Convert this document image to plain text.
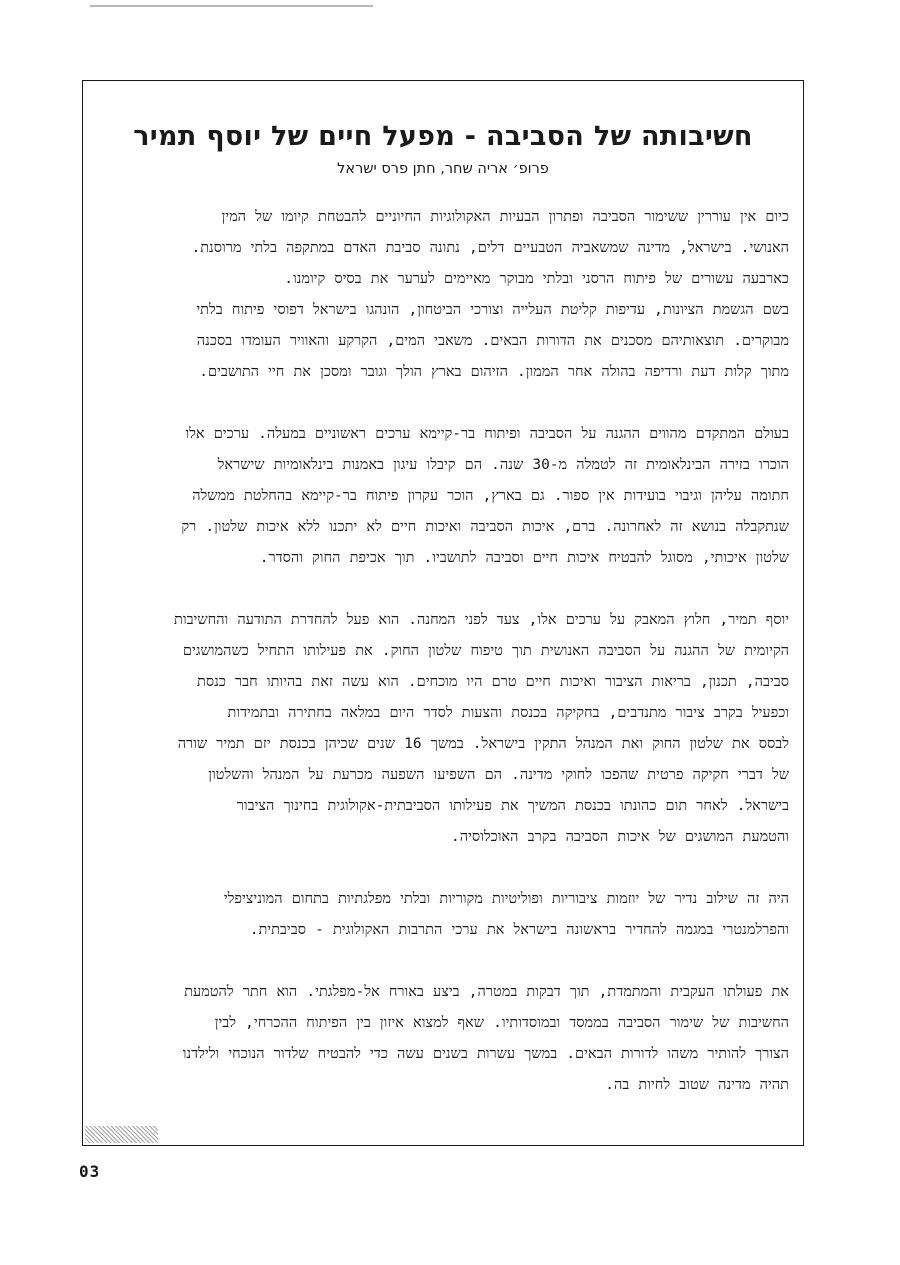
חשיבותה של הסביבה - מפעל חיים של יוסף תמיר
פרופ׳ אריה שחר, חתן פרס ישראל
כיום אין עוררין ששימור הסביבה ופתרון הבעיות האקולוגיות החיוניים להבטחת קיומו של המין
האנושי. בישראל, מדינה שמשאביה הטבעיים דלים, נתונה סביבת האדם במתקפה בלתי מרוסנת.
כארבעה עשורים של פיתוח הרסני ובלתי מבוקר מאיימים לערער את בסיס קיומנו.
בשם הגשמת הציונות, עדיפות קליטת העלייה וצורכי הביטחון, הונהגו בישראל דפוסי פיתוח בלתי
מבוקרים. תוצאותיהם מסכנים את הדורות הבאים. משאבי המים, הקרקע והאוויר העומדו בסכנה
מתוך קלות דעת ורדיפה בהולה אחר הממון. הזיהום בארץ הולך וגובר ומסכן את חיי התושבים.
בעולם המתקדם מהווים ההגנה על הסביבה ופיתוח בר-קיימא ערכים ראשוניים במעלה. ערכים אלו
הוכרו בזירה הבינלאומית זה לטמלה מ-30 שנה. הם קיבלו עיגון באמנות בינלאומיות שישראל
חתומה עליהן וגיבוי בועידות אין ספור. גם בארץ, הוכר עקרון פיתוח בר-קיימא בהחלטת ממשלה
שנתקבלה בנושא זה לאחרונה. ברם, איכות הסביבה ואיכות חיים לא יתכנו ללא איכות שלטון. רק
שלטון איכותי, מסוגל להבטיח איכות חיים וסביבה לתושביו. תוך אכיפת החוק והסדר.
יוסף תמיר, חלוץ המאבק על ערכים אלו, צעד לפני המחנה. הוא פעל להחדרת התודעה והחשיבות
הקיומית של ההגנה על הסביבה האנושית תוך טיפוח שלטון החוק. את פעילותו התחיל כשהמושגים
סביבה, תכנון, בריאות הציבור ואיכות חיים טרם היו מוכחים. הוא עשה זאת בהיותו חבר כנסת
וכפעיל בקרב ציבור מתנדבים, בחקיקה בכנסת והצעות לסדר היום במלאה בחתירה ובתמידות
לבסס את שלטון החוק ואת המנהל התקין בישראל. במשך 16 שנים שכיהן בכנסת יזם תמיר שורה
של דברי חקיקה פרטית שהפכו לחוקי מדינה. הם השפיעו השפעה מכרעת על המנהל והשלטון
בישראל. לאחר תום כהונתו בכנסת המשיך את פעילותו הסביבתית-אקולוגית בחינוך הציבור
והטמעת המושגים של איכות הסביבה בקרב האוכלוסיה.
היה זה שילוב נדיר של יוזמות ציבוריות ופוליטיות מקוריות ובלתי מפלגתיות בתחום המוניציפלי
והפרלמנטרי במגמה להחדיר בראשונה בישראל את ערכי התרבות האקולוגית - סביבתית.
את פעולתו העקבית והמתמדת, תוך דבקות במטרה, ביצע באורח אל-מפלגתי. הוא חתר להטמעת
החשיבות של שימור הסביבה בממסד ובמוסדותיו. שאף למצוא איזון בין הפיתוח ההכרחי, לבין
הצורך להותיר משהו לדורות הבאים. במשך עשרות בשנים עשה כדי להבטיח שלדור הנוכחי ולילדנו
תהיה מדינה שטוב לחיות בה.
03
